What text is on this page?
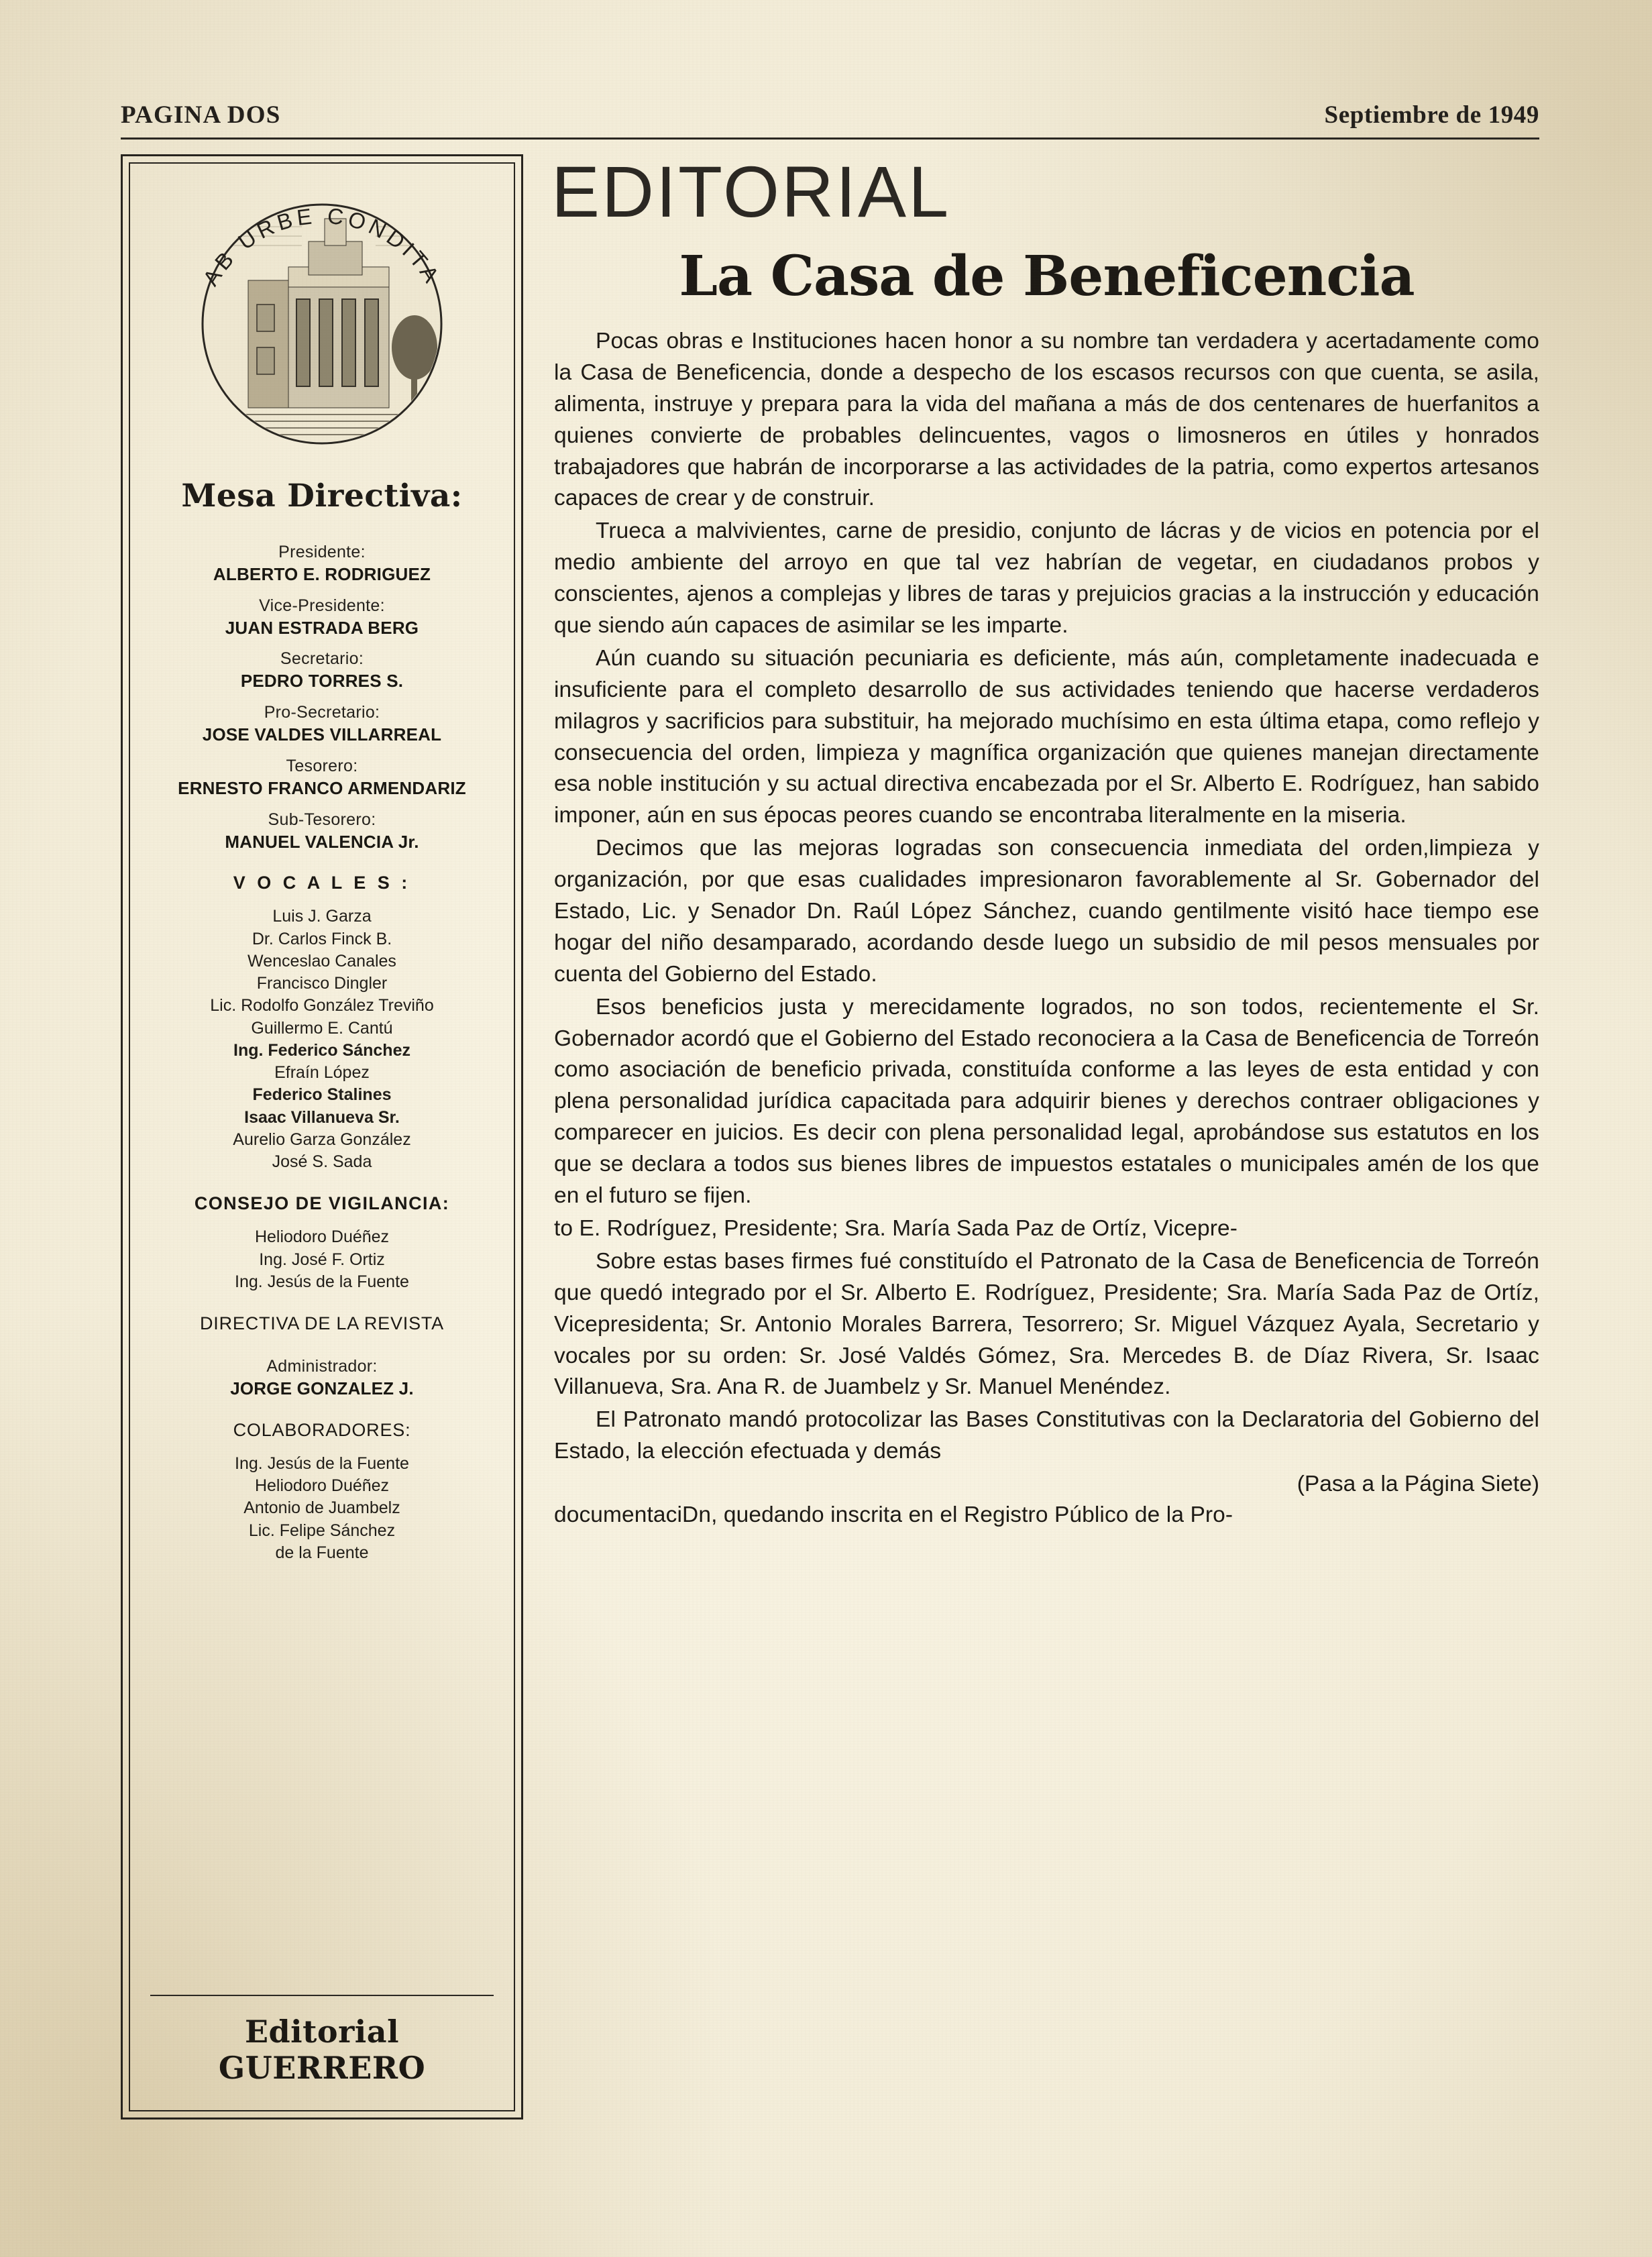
PAGINA DOS	Septiembre de 1949
AB URBE CONDITA
Mesa Directiva:
Presidente:
ALBERTO E. RODRIGUEZ
Vice-Presidente:
JUAN ESTRADA BERG
Secretario:
PEDRO TORRES S.
Pro-Secretario:
JOSE VALDES VILLARREAL
Tesorero:
ERNESTO FRANCO ARMENDARIZ
Sub-Tesorero:
MANUEL VALENCIA Jr.
V O C A L E S :
Luis J. Garza
Dr. Carlos Finck B.
Wenceslao Canales
Francisco Dingler
Lic. Rodolfo González Treviño
Guillermo E. Cantú
Ing. Federico Sánchez
Efraín López
Federico Stalines
Isaac Villanueva Sr.
Aurelio Garza González
José S. Sada
CONSEJO DE VIGILANCIA:
Heliodoro Duéñez
Ing. José F. Ortiz
Ing. Jesús de la Fuente
DIRECTIVA DE LA REVISTA
Administrador:
JORGE GONZALEZ J.
COLABORADORES:
Ing. Jesús de la Fuente
Heliodoro Duéñez
Antonio de Juambelz
Lic. Felipe Sánchez
de la Fuente
Editorial GUERRERO
EDITORIAL
La Casa de Beneficencia

Pocas obras e Instituciones hacen honor a su nombre tan verdadera y acertadamente como la Casa de Beneficencia, donde a despecho de los escasos recursos con que cuenta, se asila, alimenta, instruye y prepara para la vida del mañana a más de dos centenares de huerfanitos a quienes convierte de probables delincuentes, vagos o limosneros en útiles y honrados trabajadores que habrán de incorporarse a las actividades de la patria, como expertos artesanos capaces de crear y de construir.

Trueca a malvivientes, carne de presidio, conjunto de lácras y de vicios en potencia por el medio ambiente del arroyo en que tal vez habrían de vegetar, en ciudadanos probos y conscientes, ajenos a complejas y libres de taras y prejuicios gracias a la instrucción y educación que siendo aún capaces de asimilar se les imparte.

Aún cuando su situación pecuniaria es deficiente, más aún, completamente inadecuada e insuficiente para el completo desarrollo de sus actividades teniendo que hacerse verdaderos milagros y sacrificios para substituir, ha mejorado muchísimo en esta última etapa, como reflejo y consecuencia del orden, limpieza y magnífica organización que quienes manejan directamente esa noble institución y su actual directiva encabezada por el Sr. Alberto E. Rodríguez, han sabido imponer, aún en sus épocas peores cuando se encontraba literalmente en la miseria.

Decimos que las mejoras logradas son consecuencia inmediata del orden,limpieza y organización, por que esas cualidades impresionaron favorablemente al Sr. Gobernador del Estado, Lic. y Senador Dn. Raúl López Sánchez, cuando gentilmente visitó hace tiempo ese hogar del niño desamparado, acordando desde luego un subsidio de mil pesos mensuales por cuenta del Gobierno del Estado.

Esos beneficios justa y merecidamente logrados, no son todos, recientemente el Sr. Gobernador acordó que el Gobierno del Estado reconociera a la Casa de Beneficencia de Torreón como asociación de beneficio privada, constituída conforme a las leyes de esta entidad y con plena personalidad jurídica capacitada para adquirir bienes y derechos contraer obligaciones y comparecer en juicios. Es decir con plena personalidad legal, aprobándose sus estatutos en los que se declara a todos sus bienes libres de impuestos estatales o municipales amén de los que en el futuro se fijen.

to E. Rodríguez, Presidente; Sra. María Sada Paz de Ortíz, Vicepre-

Sobre estas bases firmes fué constituído el Patronato de la Casa de Beneficencia de Torreón que quedó integrado por el Sr. Alberto E. Rodríguez, Presidente; Sra. María Sada Paz de Ortíz, Vicepresidenta; Sr. Antonio Morales Barrera, Tesorrero; Sr. Miguel Vázquez Ayala, Secretario y vocales por su orden: Sr. José Valdés Gómez, Sra. Mercedes B. de Díaz Rivera, Sr. Isaac Villanueva, Sra. Ana R. de Juambelz y Sr. Manuel Menéndez.

El Patronato mandó protocolizar las Bases Constitutivas con la Declaratoria del Gobierno del Estado, la elección efectuada y demás

(Pasa a la Página Siete)

documentaciDn, quedando inscrita en el Registro Público de la Pro-
